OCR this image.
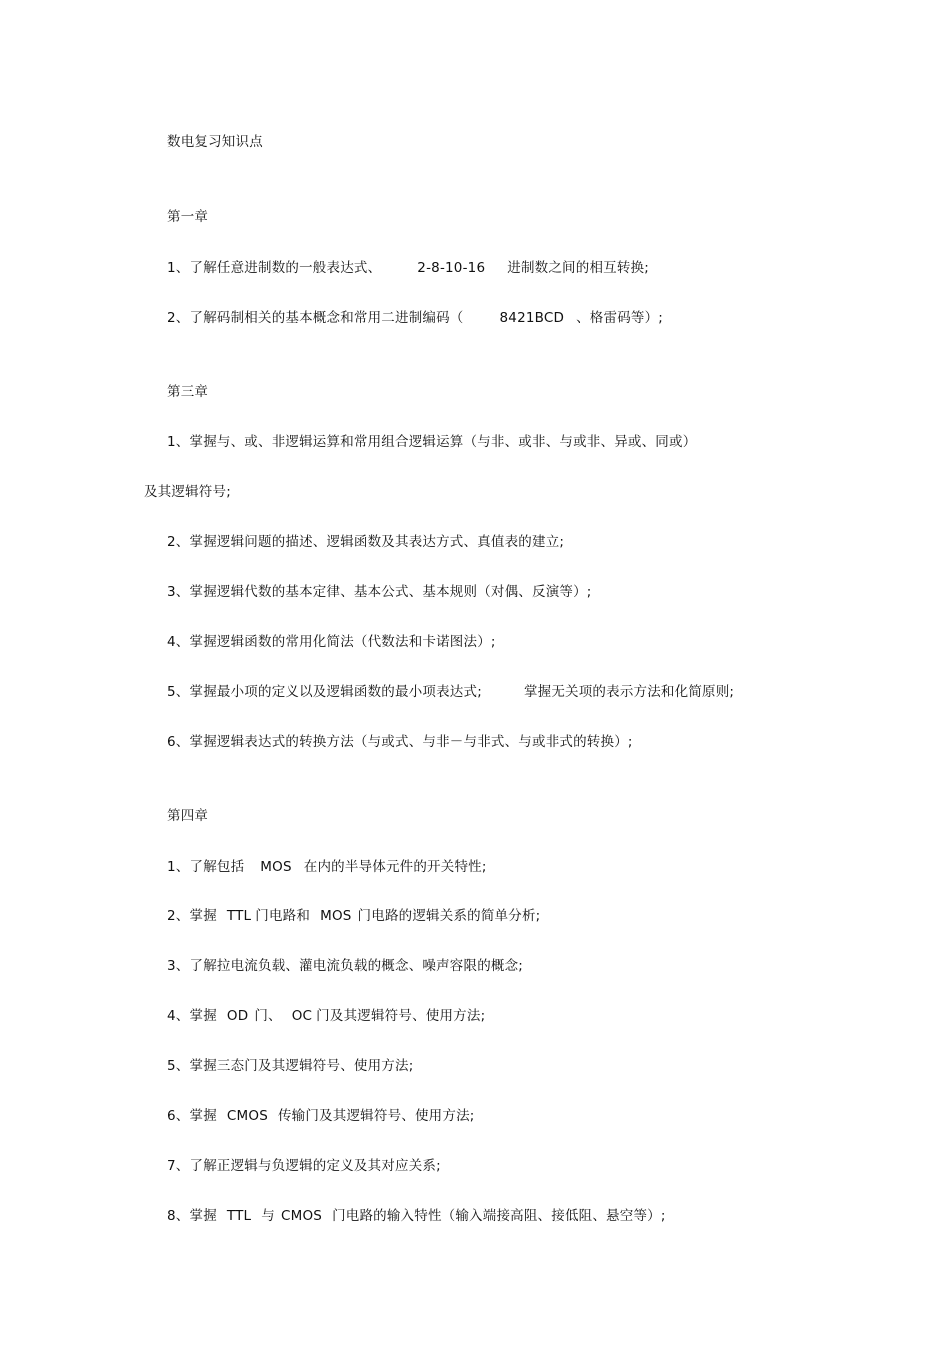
数电复习知识点
第一章
1、了解任意进制数的一般表达式、	2-8-10-16 进制数之间的相互转换;
2、了解码制相关的基本概念和常用二进制编码（	8421BCD 、格雷码等）;
第三章
1、掌握与、或、非逻辑运算和常用组合逻辑运算（与非、或非、与或非、异或、同或）
及其逻辑符号;
2、掌握逻辑问题的描述、逻辑函数及其表达方式、真值表的建立;
3、掌握逻辑代数的基本定律、基本公式、基本规则（对偶、反演等）;
4、掌握逻辑函数的常用化简法（代数法和卡诺图法）;
5、掌握最小项的定义以及逻辑函数的最小项表达式;	掌握无关项的表示方法和化简原则;
6、掌握逻辑表达式的转换方法（与或式、与非－与非式、与或非式的转换）;
第四章
1、了解包括 MOS 在内的半导体元件的开关特性;
2、掌握 TTL 门电路和 MOS 门电路的逻辑关系的简单分析;
3、了解拉电流负载、灌电流负载的概念、噪声容限的概念;
4、掌握 OD 门、 OC 门及其逻辑符号、使用方法;
5、掌握三态门及其逻辑符号、使用方法;
6、掌握 CMOS 传输门及其逻辑符号、使用方法;
7、了解正逻辑与负逻辑的定义及其对应关系;
8、掌握 TTL 与 CMOS 门电路的输入特性（输入端接高阻、接低阻、悬空等）;
